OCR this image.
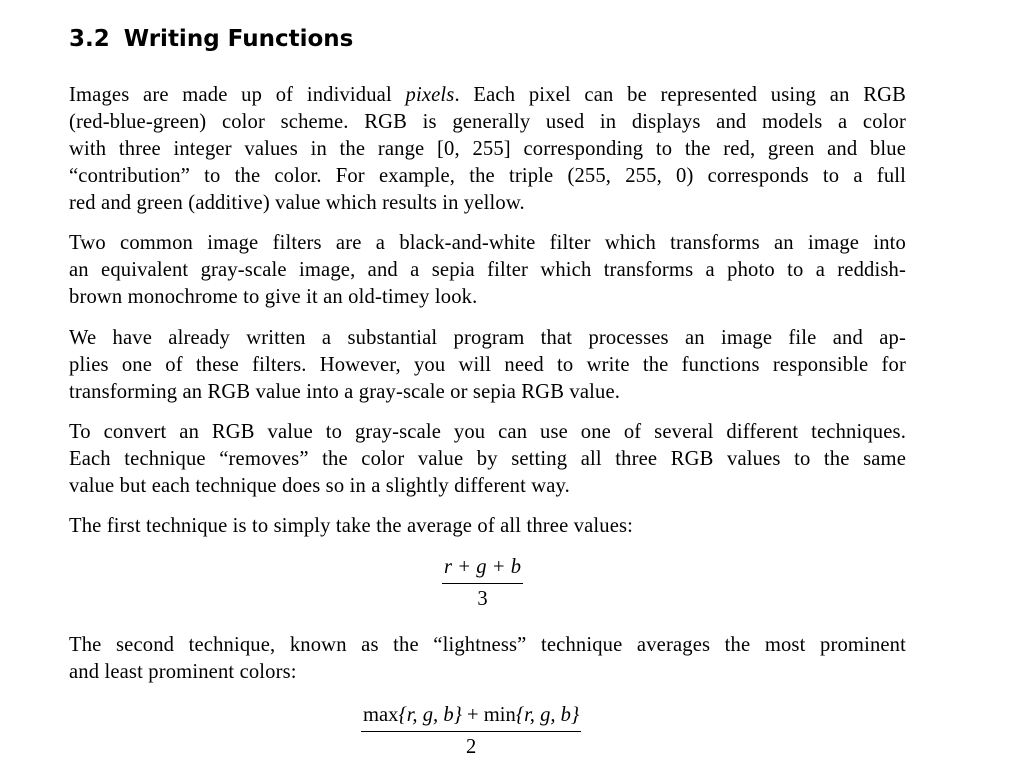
3.2 Writing Functions
Images are made up of individual pixels. Each pixel can be represented using an RGB
(red-blue-green) color scheme. RGB is generally used in displays and models a color
with three integer values in the range [0, 255] corresponding to the red, green and blue
“contribution” to the color. For example, the triple (255, 255, 0) corresponds to a full
red and green (additive) value which results in yellow.
Two common image filters are a black-and-white filter which transforms an image into
an equivalent gray-scale image, and a sepia filter which transforms a photo to a reddish-
brown monochrome to give it an old-timey look.
We have already written a substantial program that processes an image file and ap-
plies one of these filters. However, you will need to write the functions responsible for
transforming an RGB value into a gray-scale or sepia RGB value.
To convert an RGB value to gray-scale you can use one of several different techniques.
Each technique “removes” the color value by setting all three RGB values to the same
value but each technique does so in a slightly different way.
The first technique is to simply take the average of all three values:
$\frac{r + g + b}{3}$
The second technique, known as the “lightness” technique averages the most prominent
and least prominent colors:
max{r, g, b} + min{r, g, b}
2
